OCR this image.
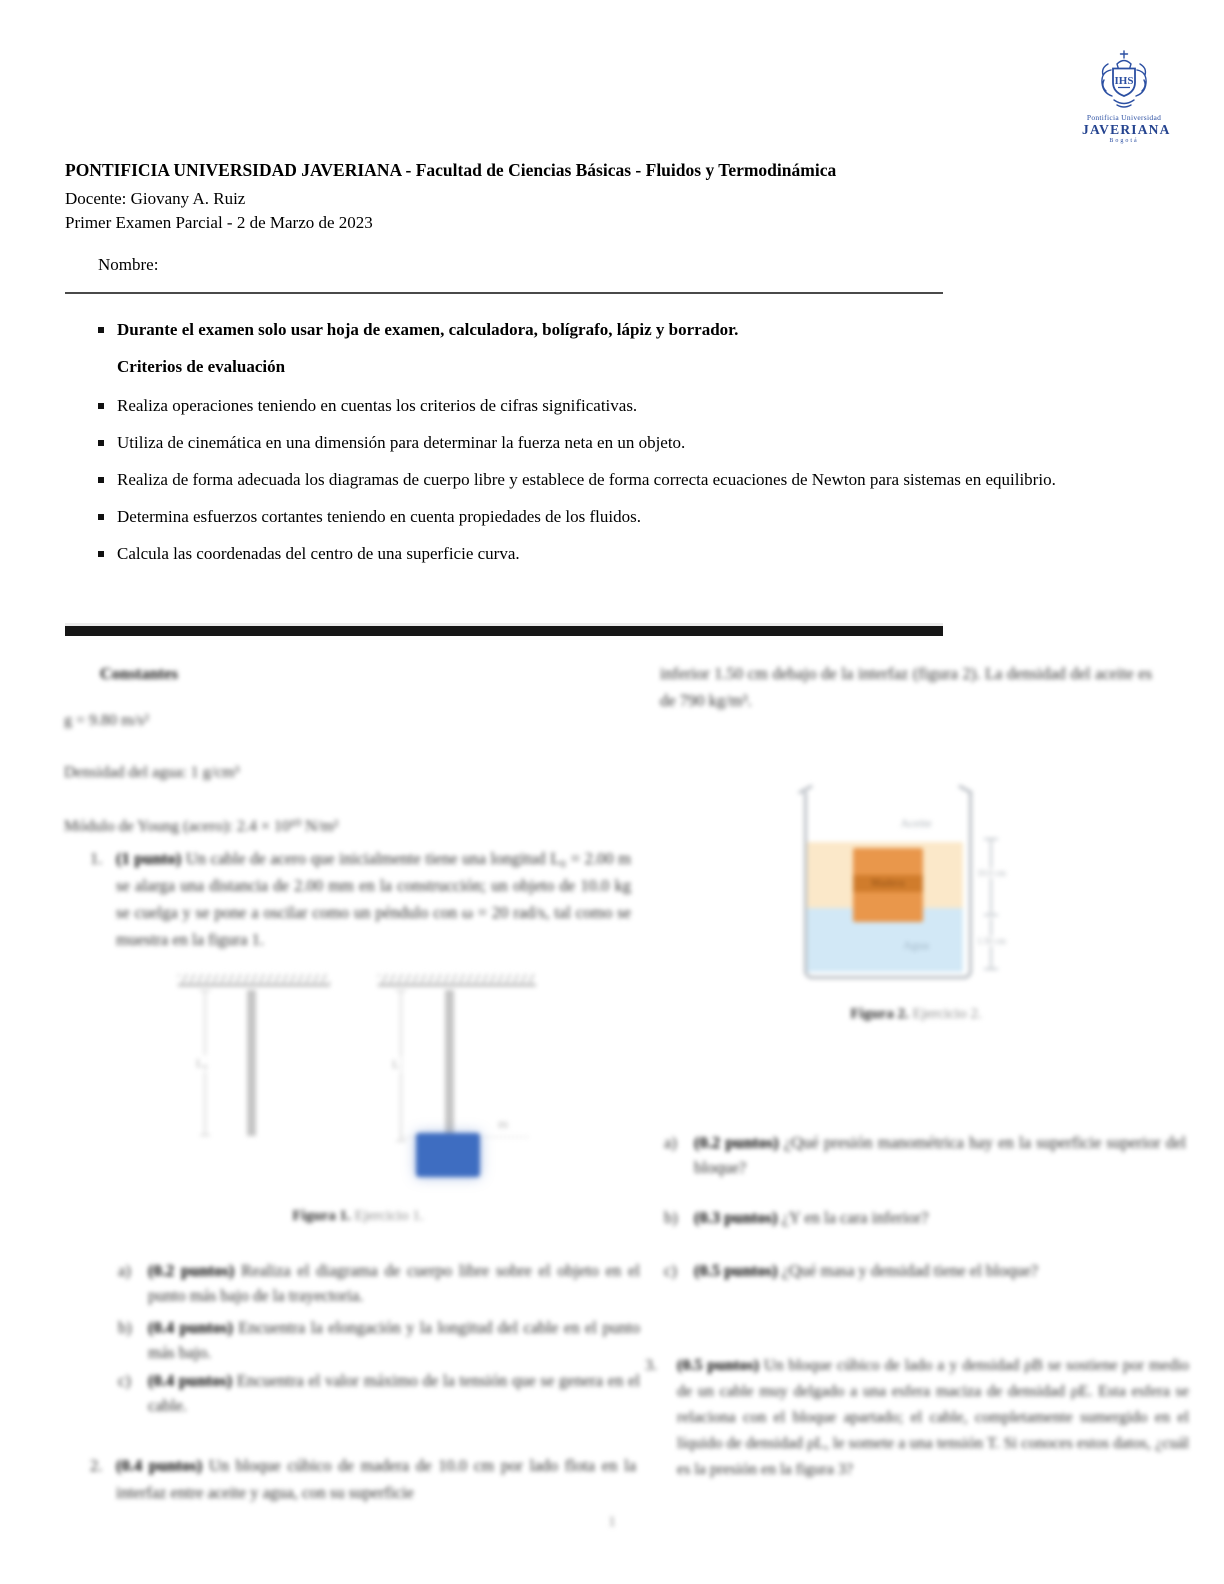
IHS
Pontificia Universidad
JAVERIANA
Bogotá
PONTIFICIA UNIVERSIDAD JAVERIANA - Facultad de Ciencias Básicas - Fluidos y Termodinámica
Docente: Giovany A. Ruiz
Primer Examen Parcial - 2 de Marzo de 2023
Nombre:
Durante el examen solo usar hoja de examen, calculadora, bolígrafo, lápiz y borrador.
Criterios de evaluación
Realiza operaciones teniendo en cuentas los criterios de cifras significativas.
Utiliza de cinemática en una dimensión para determinar la fuerza neta en un objeto.
Realiza de forma adecuada los diagramas de cuerpo libre y establece de forma correcta ecuaciones de Newton para sistemas en equilibrio.
Determina esfuerzos cortantes teniendo en cuenta propiedades de los fluidos.
Calcula las coordenadas del centro de una superficie curva.
Constantes
g = 9.80 m/s²
Densidad del agua: 1 g/cm³
Módulo de Young (acero): 2.4 × 10¹⁰ N/m²
1. (1 punto) Un cable de acero que inicialmente tiene una longitud L₀ = 2.00 m se alarga una distancia de 2.00 mm en la construcción; un objeto de 10.0 kg se cuelga y se pone a oscilar como un péndulo con ω = 20 rad/s, tal como se muestra en la figura 1.
L₀	L
m
Figura 1. Ejercicio 1.
a) (0.2 puntos) Realiza el diagrama de cuerpo libre sobre el objeto en el punto más bajo de la trayectoria.
b) (0.4 puntos) Encuentra la elongación y la longitud del cable en el punto más bajo.
c) (0.4 puntos) Encuentra el valor máximo de la tensión que se genera en el cable.
2. (0.4 puntos) Un bloque cúbico de madera de 10.0 cm por lado flota en la interfaz entre aceite y agua, con su superficie
inferior 1.50 cm debajo de la interfaz (figura 2). La densidad del aceite es de 790 kg/m³.
Madera
Aceite
Agua
10.0 cm
1.50 cm
Figura 2. Ejercicio 2.
a) (0.2 puntos) ¿Qué presión manométrica hay en la superficie superior del bloque?
b) (0.3 puntos) ¿Y en la cara inferior?
c) (0.5 puntos) ¿Qué masa y densidad tiene el bloque?
3. (0.5 puntos) Un bloque cúbico de lado a y densidad ρB se sostiene por medio de un cable muy delgado a una esfera maciza de densidad ρE. Esta esfera se relaciona con el bloque apartado; el cable, completamente sumergido en el líquido de densidad ρL, le somete a una tensión T. Si conoces estos datos, ¿cuál es la presión en la figura 3?
1
